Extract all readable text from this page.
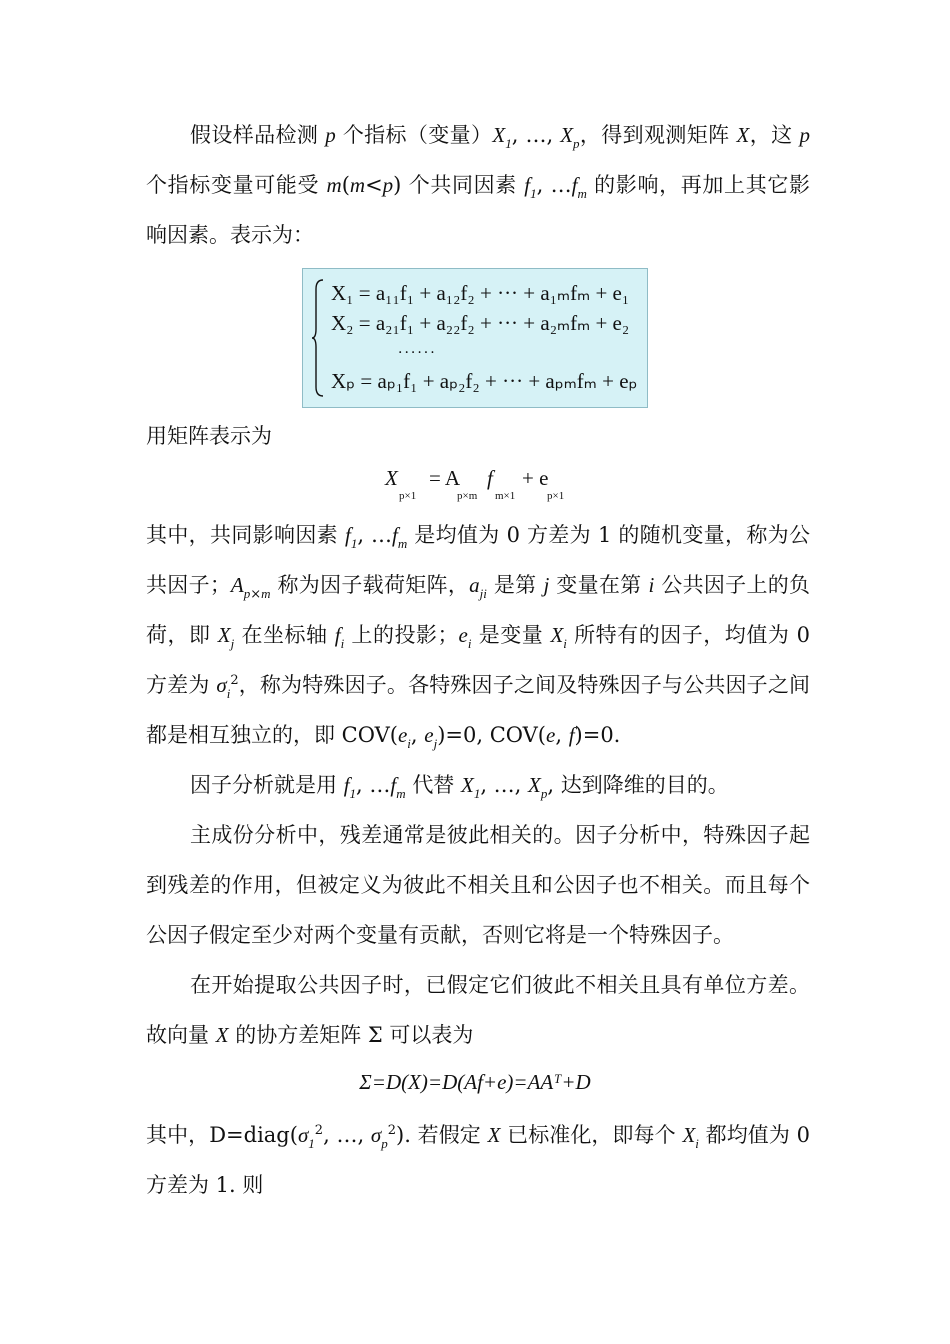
假设样品检测 p 个指标（变量）$X_1$, …, $X_p$，得到观测矩阵 X，这 p 个指标变量可能受 m(m<p) 个共同因素 $f_1$, $\dots f_m$ 的影响，再加上其它影响因素。表示为：

X₁ = a₁₁f₁ + a₁₂f₂ + ··· + a₁ₘfₘ + e₁
X₂ = a₂₁f₁ + a₂₂f₂ + ··· + a₂ₘfₘ + e₂
······
Xₚ = aₚ₁f₁ + aₚ₂f₂ + ··· + aₚₘfₘ + eₚ

用矩阵表示为

X
p×1
= A
p×m
f
m×1
+ e
p×1

其中，共同影响因素 $f_1$, $\dots f_m$ 是均值为 0 方差为 1 的随机变量，称为公共因子；$A_{p\times m}$ 称为因子载荷矩阵，$a_{ji}$ 是第 j 变量在第 i 公共因子上的负荷，即 $X_j$ 在坐标轴 $f_i$ 上的投影；$e_i$ 是变量 $X_i$ 所特有的因子，均值为 0 方差为 $\sigma_i^2$，称为特殊因子。各特殊因子之间及特殊因子与公共因子之间都是相互独立的，即 $COV(e_i$, $e_j)=0$, COV(e, f)=0.

因子分析就是用 $f_1$, $\dots f_m$ 代替 $X_1$, …, $X_p$, 达到降维的目的。

主成份分析中，残差通常是彼此相关的。因子分析中，特殊因子起到残差的作用，但被定义为彼此不相关且和公因子也不相关。而且每个公因子假定至少对两个变量有贡献，否则它将是一个特殊因子。

在开始提取公共因子时，已假定它们彼此不相关且具有单位方差。故向量 X 的协方差矩阵 Σ 可以表为

Σ=D(X)=D(Af+e)=AAᵀ+D

其中，$D=diag(\sigma_1^2$, …, $\sigma_p^2$). 若假定 X 已标准化，即每个 $X_i$ 都均值为 0 方差为 1. 则
